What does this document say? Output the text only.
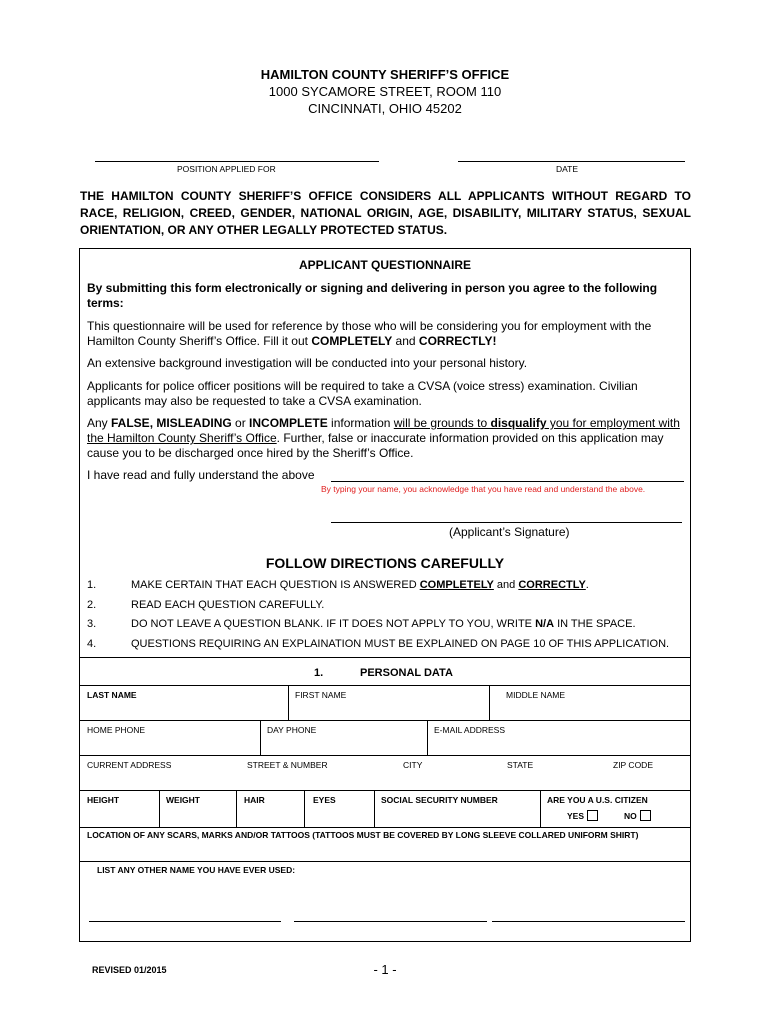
HAMILTON COUNTY SHERIFF’S OFFICE
1000 SYCAMORE STREET, ROOM 110
CINCINNATI, OHIO 45202
POSITION APPLIED FOR	DATE
THE HAMILTON COUNTY SHERIFF’S OFFICE CONSIDERS ALL APPLICANTS WITHOUT REGARD TO RACE, RELIGION, CREED, GENDER, NATIONAL ORIGIN, AGE, DISABILITY, MILITARY STATUS, SEXUAL ORIENTATION, OR ANY OTHER LEGALLY PROTECTED STATUS.
APPLICANT QUESTIONNAIRE
By submitting this form electronically or signing and delivering in person you agree to the following terms:
This questionnaire will be used for reference by those who will be considering you for employment with the Hamilton County Sheriff’s Office. Fill it out COMPLETELY and CORRECTLY!
An extensive background investigation will be conducted into your personal history.
Applicants for police officer positions will be required to take a CVSA (voice stress) examination. Civilian applicants may also be requested to take a CVSA examination.
Any FALSE, MISLEADING or INCOMPLETE information will be grounds to disqualify you for employment with the Hamilton County Sheriff’s Office. Further, false or inaccurate information provided on this application may cause you to be discharged once hired by the Sheriff’s Office.
I have read and fully understand the above
By typing your name, you acknowledge that you have read and understand the above.
(Applicant’s Signature)
FOLLOW DIRECTIONS CAREFULLY
1.	MAKE CERTAIN THAT EACH QUESTION IS ANSWERED COMPLETELY and CORRECTLY.
2.	READ EACH QUESTION CAREFULLY.
3.	DO NOT LEAVE A QUESTION BLANK. IF IT DOES NOT APPLY TO YOU, WRITE N/A IN THE SPACE.
4.	QUESTIONS REQUIRING AN EXPLAINATION MUST BE EXPLAINED ON PAGE 10 OF THIS APPLICATION.
1.	PERSONAL DATA
LAST NAME	FIRST NAME	MIDDLE NAME
HOME PHONE	DAY PHONE	E-MAIL ADDRESS
CURRENT ADDRESS	STREET & NUMBER	CITY	STATE	ZIP CODE
HEIGHT	WEIGHT	HAIR	EYES	SOCIAL SECURITY NUMBER	ARE YOU A U.S. CITIZEN
YES	NO
LOCATION OF ANY SCARS, MARKS AND/OR TATTOOS (TATTOOS MUST BE COVERED BY LONG SLEEVE COLLARED UNIFORM SHIRT)
LIST ANY OTHER NAME YOU HAVE EVER USED:
REVISED 01/2015	- 1 -
